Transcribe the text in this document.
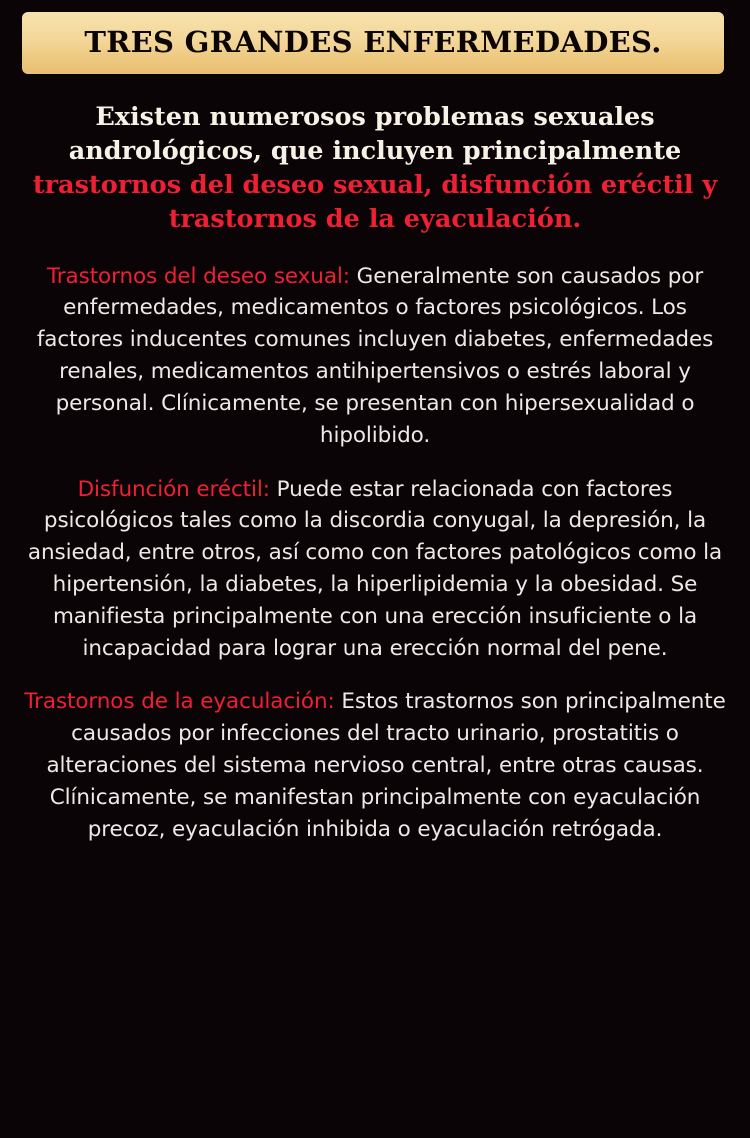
TRES GRANDES ENFERMEDADES.
Existen numerosos problemas sexuales andrológicos, que incluyen principalmente trastornos del deseo sexual, disfunción eréctil y trastornos de la eyaculación.
Trastornos del deseo sexual: Generalmente son causados por enfermedades, medicamentos o factores psicológicos. Los factores inducentes comunes incluyen diabetes, enfermedades renales, medicamentos antihipertensivos o estrés laboral y personal. Clínicamente, se presentan con hipersexualidad o hipolibido.
Disfunción eréctil: Puede estar relacionada con factores psicológicos tales como la discordia conyugal, la depresión, la ansiedad, entre otros, así como con factores patológicos como la hipertensión, la diabetes, la hiperlipidemia y la obesidad. Se manifiesta principalmente con una erección insuficiente o la incapacidad para lograr una erección normal del pene.
Trastornos de la eyaculación: Estos trastornos son principalmente causados por infecciones del tracto urinario, prostatitis o alteraciones del sistema nervioso central, entre otras causas. Clínicamente, se manifestan principalmente con eyaculación precoz, eyaculación inhibida o eyaculación retrógada.
